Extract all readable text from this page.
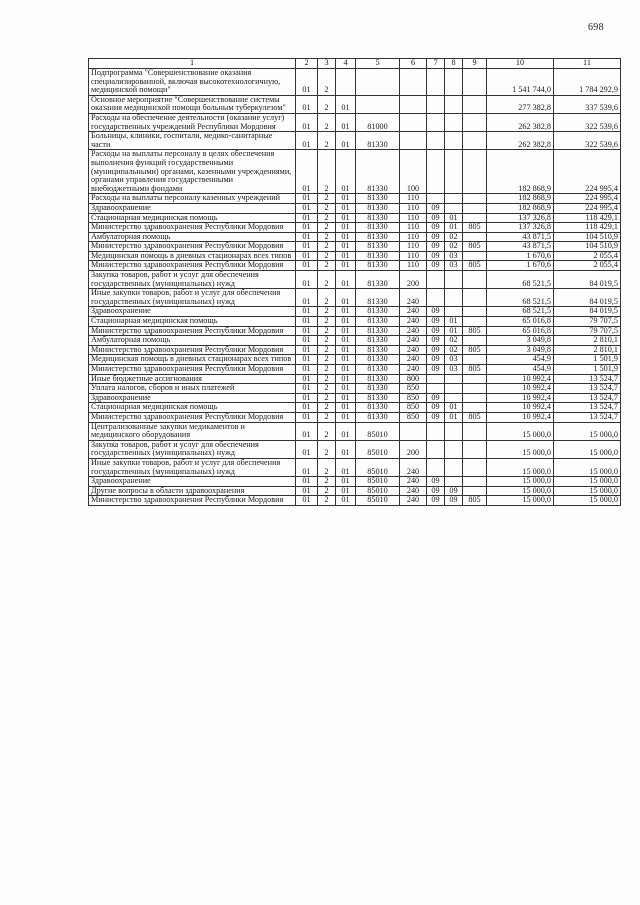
698
1	2	3	4	5	6	7	8	9	10	11
Подпрограмма "Совершенствование оказания специализированной, включая высокотехнологичную, медицинской помощи"	01	2							1 541 744,0	1 784 292,9
Основное мероприятие "Совершенствование системы оказания медицинской помощи больным туберкулезом"	01	2	01						277 382,8	337 539,6
Расходы на обеспечение деятельности (оказание услуг) государственных учреждений Республики Мордовия	01	2	01	81000					262 382,8	322 539,6
Больницы, клиники, госпитали, медико-санитарные части	01	2	01	81330					262 382,8	322 539,6
Расходы на выплаты персоналу в целях обеспечения выполнения функций государственными (муниципальными) органами, казенными учреждениями, органами управления государственными внебюджетными фондами	01	2	01	81330	100				182 868,9	224 995,4
Расходы на выплаты персоналу казенных учреждений	01	2	01	81330	110				182 868,9	224 995,4
Здравоохранение	01	2	01	81330	110	09			182 868,9	224 995,4
Стационарная медицинская помощь	01	2	01	81330	110	09	01		137 326,8	118 429,1
Министерство здравоохранения Республики Мордовия	01	2	01	81330	110	09	01	805	137 326,8	118 429,1
Амбулаторная помощь	01	2	01	81330	110	09	02		43 871,5	104 510,9
Министерство здравоохранения Республики Мордовия	01	2	01	81330	110	09	02	805	43 871,5	104 510,9
Медицинская помощь в дневных стационарах всех типов	01	2	01	81330	110	09	03		1 670,6	2 055,4
Министерство здравоохранения Республики Мордовия	01	2	01	81330	110	09	03	805	1 670,6	2 055,4
Закупка товаров, работ и услуг для обеспечения государственных (муниципальных) нужд	01	2	01	81330	200				68 521,5	84 019,5
Иные закупки товаров, работ и услуг для обеспечения государственных (муниципальных) нужд	01	2	01	81330	240				68 521,5	84 019,5
Здравоохранение	01	2	01	81330	240	09			68 521,5	84 019,5
Стационарная медицинская помощь	01	2	01	81330	240	09	01		65 016,8	79 707,5
Министерство здравоохранения Республики Мордовия	01	2	01	81330	240	09	01	805	65 016,8	79 707,5
Амбулаторная помощь	01	2	01	81330	240	09	02		3 049,8	2 810,1
Министерство здравоохранения Республики Мордовия	01	2	01	81330	240	09	02	805	3 049,8	2 810,1
Медицинская помощь в дневных стационарах всех типов	01	2	01	81330	240	09	03		454,9	1 501,9
Министерство здравоохранения Республики Мордовия	01	2	01	81330	240	09	03	805	454,9	1 501,9
Иные бюджетные ассигнования	01	2	01	81330	800				10 992,4	13 524,7
Уплата налогов, сборов и иных платежей	01	2	01	81330	850				10 992,4	13 524,7
Здравоохранение	01	2	01	81330	850	09			10 992,4	13 524,7
Стационарная медицинская помощь	01	2	01	81330	850	09	01		10 992,4	13 524,7
Министерство здравоохранения Республики Мордовия	01	2	01	81330	850	09	01	805	10 992,4	13 524,7
Централизованные закупки медикаментов и медицинского оборудования	01	2	01	85010					15 000,0	15 000,0
Закупка товаров, работ и услуг для обеспечения государственных (муниципальных) нужд	01	2	01	85010	200				15 000,0	15 000,0
Иные закупки товаров, работ и услуг для обеспечения государственных (муниципальных) нужд	01	2	01	85010	240				15 000,0	15 000,0
Здравоохранение	01	2	01	85010	240	09			15 000,0	15 000,0
Другие вопросы в области здравоохранения	01	2	01	85010	240	09	09		15 000,0	15 000,0
Министерство здравоохранения Республики Мордовия	01	2	01	85010	240	09	09	805	15 000,0	15 000,0
